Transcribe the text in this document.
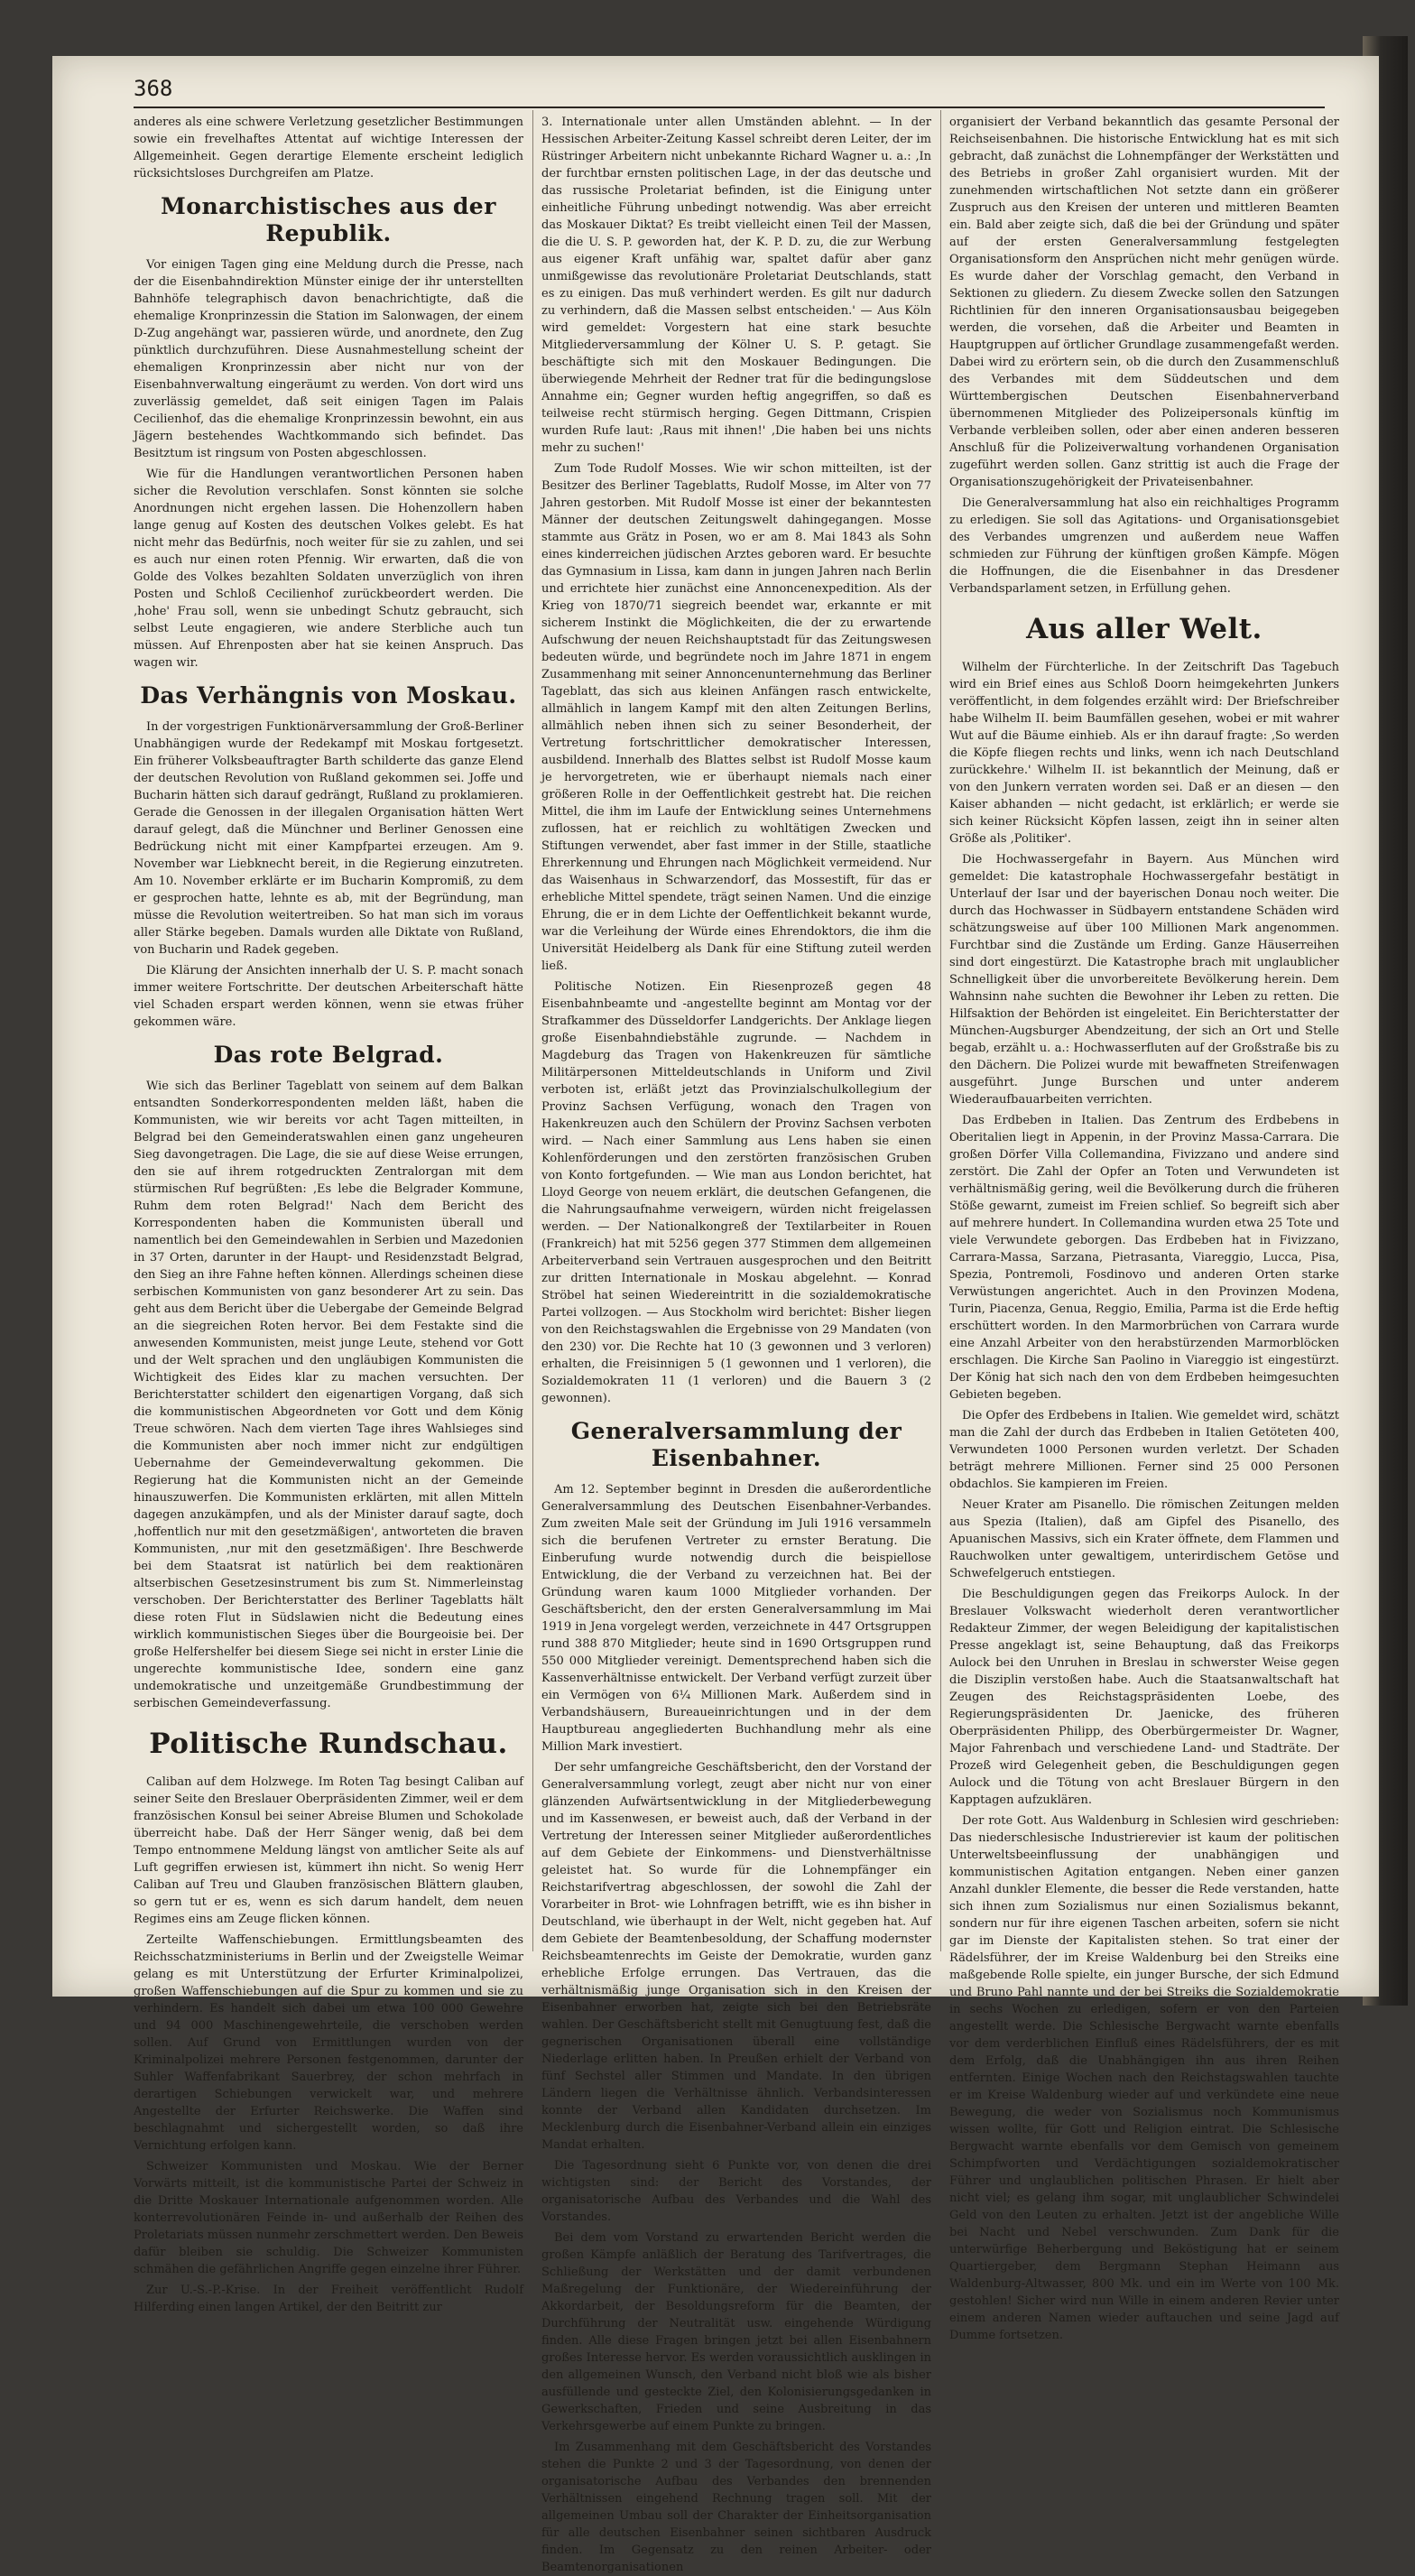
368

anderes als eine schwere Verletzung gesetzlicher Bestimmungen sowie ein frevelhaftes Attentat auf wichtige Interessen der Allgemeinheit. Gegen derartige Elemente erscheint lediglich rücksichtsloses Durchgreifen am Platze.

Monarchistisches aus der Republik.

Vor einigen Tagen ging eine Meldung durch die Presse, nach der die Eisenbahndirektion Münster einige der ihr unterstellten Bahnhöfe telegraphisch davon benachrichtigte, daß die ehemalige Kronprinzessin die Station im Salonwagen, der einem D-Zug angehängt war, passieren würde, und anordnete, den Zug pünktlich durchzuführen. Diese Ausnahmestellung scheint der ehemaligen Kronprinzessin aber nicht nur von der Eisenbahnverwaltung eingeräumt zu werden. Von dort wird uns zuverlässig gemeldet, daß seit einigen Tagen im Palais Cecilienhof, das die ehemalige Kronprinzessin bewohnt, ein aus Jägern bestehendes Wachtkommando sich befindet. Das Besitztum ist ringsum von Posten abgeschlossen.

Wie für die Handlungen verantwortlichen Personen haben sicher die Revolution verschlafen. Sonst könnten sie solche Anordnungen nicht ergehen lassen. Die Hohenzollern haben lange genug auf Kosten des deutschen Volkes gelebt. Es hat nicht mehr das Bedürfnis, noch weiter für sie zu zahlen, und sei es auch nur einen roten Pfennig. Wir erwarten, daß die von Golde des Volkes bezahlten Soldaten unverzüglich von ihren Posten und Schloß Cecilienhof zurückbeordert werden. Die ‚hohe' Frau soll, wenn sie unbedingt Schutz gebraucht, sich selbst Leute engagieren, wie andere Sterbliche auch tun müssen. Auf Ehrenposten aber hat sie keinen Anspruch. Das wagen wir.

Das Verhängnis von Moskau.

In der vorgestrigen Funktionärversammlung der Groß-Berliner Unabhängigen wurde der Redekampf mit Moskau fortgesetzt. Ein früherer Volksbeauftragter Barth schilderte das ganze Elend der deutschen Revolution von Rußland gekommen sei. Joffe und Bucharin hätten sich darauf gedrängt, Rußland zu proklamieren. Gerade die Genossen in der illegalen Organisation hätten Wert darauf gelegt, daß die Münchner und Berliner Genossen eine Bedrückung nicht mit einer Kampfpartei erzeugen. Am 9. November war Liebknecht bereit, in die Regierung einzutreten. Am 10. November erklärte er im Bucharin Kompromiß, zu dem er gesprochen hatte, lehnte es ab, mit der Begründung, man müsse die Revolution weitertreiben. So hat man sich im voraus aller Stärke begeben. Damals wurden alle Diktate von Rußland, von Bucharin und Radek gegeben.

Die Klärung der Ansichten innerhalb der U. S. P. macht sonach immer weitere Fortschritte. Der deutschen Arbeiterschaft hätte viel Schaden erspart werden können, wenn sie etwas früher gekommen wäre.

Das rote Belgrad.

Wie sich das Berliner Tageblatt von seinem auf dem Balkan entsandten Sonderkorrespondenten melden läßt, haben die Kommunisten, wie wir bereits vor acht Tagen mitteilten, in Belgrad bei den Gemeinderatswahlen einen ganz ungeheuren Sieg davongetragen. Die Lage, die sie auf diese Weise errungen, den sie auf ihrem rotgedruckten Zentralorgan mit dem stürmischen Ruf begrüßten: ‚Es lebe die Belgrader Kommune, Ruhm dem roten Belgrad!' Nach dem Bericht des Korrespondenten haben die Kommunisten überall und namentlich bei den Gemeindewahlen in Serbien und Mazedonien in 37 Orten, darunter in der Haupt- und Residenzstadt Belgrad, den Sieg an ihre Fahne heften können. Allerdings scheinen diese serbischen Kommunisten von ganz besonderer Art zu sein. Das geht aus dem Bericht über die Uebergabe der Gemeinde Belgrad an die siegreichen Roten hervor. Bei dem Festakte sind die anwesenden Kommunisten, meist junge Leute, stehend vor Gott und der Welt sprachen und den ungläubigen Kommunisten die Wichtigkeit des Eides klar zu machen versuchten. Der Berichterstatter schildert den eigenartigen Vorgang, daß sich die kommunistischen Abgeordneten vor Gott und dem König Treue schwören. Nach dem vierten Tage ihres Wahlsieges sind die Kommunisten aber noch immer nicht zur endgültigen Uebernahme der Gemeindeverwaltung gekommen. Die Regierung hat die Kommunisten nicht an der Gemeinde hinauszuwerfen. Die Kommunisten erklärten, mit allen Mitteln dagegen anzukämpfen, und als der Minister darauf sagte, doch ‚hoffentlich nur mit den gesetzmäßigen', antworteten die braven Kommunisten, ‚nur mit den gesetzmäßigen'. Ihre Beschwerde bei dem Staatsrat ist natürlich bei dem reaktionären altserbischen Gesetzesinstrument bis zum St. Nimmerleinstag verschoben. Der Berichterstatter des Berliner Tageblatts hält diese roten Flut in Südslawien nicht die Bedeutung eines wirklich kommunistischen Sieges über die Bourgeoisie bei. Der große Helfershelfer bei diesem Siege sei nicht in erster Linie die ungerechte kommunistische Idee, sondern eine ganz undemokratische und unzeitgemäße Grundbestimmung der serbischen Gemeindeverfassung.

Politische Rundschau.

Caliban auf dem Holzwege. Im Roten Tag besingt Caliban auf seiner Seite den Breslauer Oberpräsidenten Zimmer, weil er dem französischen Konsul bei seiner Abreise Blumen und Schokolade überreicht habe. Daß der Herr Sänger wenig, daß bei dem Tempo entnommene Meldung längst von amtlicher Seite als auf Luft gegriffen erwiesen ist, kümmert ihn nicht. So wenig Herr Caliban auf Treu und Glauben französischen Blättern glauben, so gern tut er es, wenn es sich darum handelt, dem neuen Regimes eins am Zeuge flicken können.

Zerteilte Waffenschiebungen. Ermittlungsbeamten des Reichsschatzministeriums in Berlin und der Zweigstelle Weimar gelang es mit Unterstützung der Erfurter Kriminalpolizei, großen Waffenschiebungen auf die Spur zu kommen und sie zu verhindern. Es handelt sich dabei um etwa 100 000 Gewehre und 94 000 Maschinengewehrteile, die verschoben werden sollen. Auf Grund von Ermittlungen wurden von der Kriminalpolizei mehrere Personen festgenommen, darunter der Suhler Waffenfabrikant Sauerbrey, der schon mehrfach in derartigen Schiebungen verwickelt war, und mehrere Angestellte der Erfurter Reichswerke. Die Waffen sind beschlagnahmt und sichergestellt worden, so daß ihre Vernichtung erfolgen kann.

Schweizer Kommunisten und Moskau. Wie der Berner Vorwärts mitteilt, ist die kommunistische Partei der Schweiz in die Dritte Moskauer Internationale aufgenommen worden. Alle konterrevolutionären Feinde in- und außerhalb der Reihen des Proletariats müssen nunmehr zerschmettert werden. Den Beweis dafür bleiben sie schuldig. Die Schweizer Kommunisten schmähen die gefährlichen Angriffe gegen einzelne ihrer Führer.

Zur U.-S.-P.-Krise. In der Freiheit veröffentlicht Rudolf Hilferding einen langen Artikel, der den Beitritt zur

3. Internationale unter allen Umständen ablehnt. — In der Hessischen Arbeiter-Zeitung Kassel schreibt deren Leiter, der im Rüstringer Arbeitern nicht unbekannte Richard Wagner u. a.: ‚In der furchtbar ernsten politischen Lage, in der das deutsche und das russische Proletariat befinden, ist die Einigung unter einheitliche Führung unbedingt notwendig. Was aber erreicht das Moskauer Diktat? Es treibt vielleicht einen Teil der Massen, die die U. S. P. geworden hat, der K. P. D. zu, die zur Werbung aus eigener Kraft unfähig war, spaltet dafür aber ganz unmißgewisse das revolutionäre Proletariat Deutschlands, statt es zu einigen. Das muß verhindert werden. Es gilt nur dadurch zu verhindern, daß die Massen selbst entscheiden.' — Aus Köln wird gemeldet: Vorgestern hat eine stark besuchte Mitgliederversammlung der Kölner U. S. P. getagt. Sie beschäftigte sich mit den Moskauer Bedingungen. Die überwiegende Mehrheit der Redner trat für die bedingungslose Annahme ein; Gegner wurden heftig angegriffen, so daß es teilweise recht stürmisch herging. Gegen Dittmann, Crispien wurden Rufe laut: ‚Raus mit ihnen!' ‚Die haben bei uns nichts mehr zu suchen!'

Zum Tode Rudolf Mosses. Wie wir schon mitteilten, ist der Besitzer des Berliner Tageblatts, Rudolf Mosse, im Alter von 77 Jahren gestorben. Mit Rudolf Mosse ist einer der bekanntesten Männer der deutschen Zeitungswelt dahingegangen. Mosse stammte aus Grätz in Posen, wo er am 8. Mai 1843 als Sohn eines kinderreichen jüdischen Arztes geboren ward. Er besuchte das Gymnasium in Lissa, kam dann in jungen Jahren nach Berlin und errichtete hier zunächst eine Annoncenexpedition. Als der Krieg von 1870/71 siegreich beendet war, erkannte er mit sicherem Instinkt die Möglichkeiten, die der zu erwartende Aufschwung der neuen Reichshauptstadt für das Zeitungswesen bedeuten würde, und begründete noch im Jahre 1871 in engem Zusammenhang mit seiner Annoncenunternehmung das Berliner Tageblatt, das sich aus kleinen Anfängen rasch entwickelte, allmählich in langem Kampf mit den alten Zeitungen Berlins, allmählich neben ihnen sich zu seiner Besonderheit, der Vertretung fortschrittlicher demokratischer Interessen, ausbildend. Innerhalb des Blattes selbst ist Rudolf Mosse kaum je hervorgetreten, wie er überhaupt niemals nach einer größeren Rolle in der Oeffentlichkeit gestrebt hat. Die reichen Mittel, die ihm im Laufe der Entwicklung seines Unternehmens zuflossen, hat er reichlich zu wohltätigen Zwecken und Stiftungen verwendet, aber fast immer in der Stille, staatliche Ehrerkennung und Ehrungen nach Möglichkeit vermeidend. Nur das Waisenhaus in Schwarzendorf, das Mossestift, für das er erhebliche Mittel spendete, trägt seinen Namen. Und die einzige Ehrung, die er in dem Lichte der Oeffentlichkeit bekannt wurde, war die Verleihung der Würde eines Ehrendoktors, die ihm die Universität Heidelberg als Dank für eine Stiftung zuteil werden ließ.

Politische Notizen. Ein Riesenprozeß gegen 48 Eisenbahnbeamte und -angestellte beginnt am Montag vor der Strafkammer des Düsseldorfer Landgerichts. Der Anklage liegen große Eisenbahndiebstähle zugrunde. — Nachdem in Magdeburg das Tragen von Hakenkreuzen für sämtliche Militärpersonen Mitteldeutschlands in Uniform und Zivil verboten ist, erläßt jetzt das Provinzialschulkollegium der Provinz Sachsen Verfügung, wonach den Tragen von Hakenkreuzen auch den Schülern der Provinz Sachsen verboten wird. — Nach einer Sammlung aus Lens haben sie einen Kohlenförderungen und den zerstörten französischen Gruben von Konto fortgefunden. — Wie man aus London berichtet, hat Lloyd George von neuem erklärt, die deutschen Gefangenen, die die Nahrungsaufnahme verweigern, würden nicht freigelassen werden. — Der Nationalkongreß der Textilarbeiter in Rouen (Frankreich) hat mit 5256 gegen 377 Stimmen dem allgemeinen Arbeiterverband sein Vertrauen ausgesprochen und den Beitritt zur dritten Internationale in Moskau abgelehnt. — Konrad Ströbel hat seinen Wiedereintritt in die sozialdemokratische Partei vollzogen. — Aus Stockholm wird berichtet: Bisher liegen von den Reichstagswahlen die Ergebnisse von 29 Mandaten (von den 230) vor. Die Rechte hat 10 (3 gewonnen und 3 verloren) erhalten, die Freisinnigen 5 (1 gewonnen und 1 verloren), die Sozialdemokraten 11 (1 verloren) und die Bauern 3 (2 gewonnen).

Generalversammlung der Eisenbahner.

Am 12. September beginnt in Dresden die außerordentliche Generalversammlung des Deutschen Eisenbahner-Verbandes. Zum zweiten Male seit der Gründung im Juli 1916 versammeln sich die berufenen Vertreter zu ernster Beratung. Die Einberufung wurde notwendig durch die beispiellose Entwicklung, die der Verband zu verzeichnen hat. Bei der Gründung waren kaum 1000 Mitglieder vorhanden. Der Geschäftsbericht, den der ersten Generalversammlung im Mai 1919 in Jena vorgelegt werden, verzeichnete in 447 Ortsgruppen rund 388 870 Mitglieder; heute sind in 1690 Ortsgruppen rund 550 000 Mitglieder vereinigt. Dementsprechend haben sich die Kassenverhältnisse entwickelt. Der Verband verfügt zurzeit über ein Vermögen von 6¼ Millionen Mark. Außerdem sind in Verbandshäusern, Bureaueinrichtungen und in der dem Hauptbureau angegliederten Buchhandlung mehr als eine Million Mark investiert.

Der sehr umfangreiche Geschäftsbericht, den der Vorstand der Generalversammlung vorlegt, zeugt aber nicht nur von einer glänzenden Aufwärtsentwicklung in der Mitgliederbewegung und im Kassenwesen, er beweist auch, daß der Verband in der Vertretung der Interessen seiner Mitglieder außerordentliches auf dem Gebiete der Einkommens- und Dienstverhältnisse geleistet hat. So wurde für die Lohnempfänger ein Reichstarifvertrag abgeschlossen, der sowohl die Zahl der Vorarbeiter in Brot- wie Lohnfragen betrifft, wie es ihn bisher in Deutschland, wie überhaupt in der Welt, nicht gegeben hat. Auf dem Gebiete der Beamtenbesoldung, der Schaffung modernster Reichsbeamtenrechts im Geiste der Demokratie, wurden ganz erhebliche Erfolge errungen. Das Vertrauen, das die verhältnismäßig junge Organisation sich in den Kreisen der Eisenbahner erworben hat, zeigte sich bei den Betriebsräte wahlen. Der Geschäftsbericht stellt mit Genugtuung fest, daß die gegnerischen Organisationen überall eine vollständige Niederlage erlitten haben. In Preußen erhielt der Verband von fünf Sechstel aller Stimmen und Mandate. In den übrigen Ländern liegen die Verhältnisse ähnlich. Verbandsinteressen konnte der Verband allen Kandidaten durchsetzen. Im Mecklenburg durch die Eisenbahner-Verband allein ein einziges Mandat erhalten.

Die Tagesordnung sieht 6 Punkte vor, von denen die drei wichtigsten sind: der Bericht des Vorstandes, der organisatorische Aufbau des Verbandes und die Wahl des Vorstandes.

Bei dem vom Vorstand zu erwartenden Bericht werden die großen Kämpfe anläßlich der Beratung des Tarifvertrages, die Schließung der Werkstätten und der damit verbundenen Maßregelung der Funktionäre, der Wiedereinführung der Akkordarbeit, der Besoldungsreform für die Beamten, der Durchführung der Neutralität usw. eingehende Würdigung finden. Alle diese Fragen bringen jetzt bei allen Eisenbahnern großes Interesse hervor. Es werden voraussichtlich ausklingen in den allgemeinen Wunsch, den Verband nicht bloß wie als bisher ausfüllende und gesteckte Ziel, den Kolonisierungsgedanken in Gewerkschaften, Frieden und seine Ausbreitung in das Verkehrsgewerbe auf einem Punkte zu bringen.

Im Zusammenhang mit dem Geschäftsbericht des Vorstandes stehen die Punkte 2 und 3 der Tagesordnung, von denen der organisatorische Aufbau des Verbandes den brennenden Verhältnissen eingehend Rechnung tragen soll. Mit der allgemeinen Umbau soll der Charakter der Einheitsorganisation für alle deutschen Eisenbahner seinen sichtbaren Ausdruck finden. Im Gegensatz zu den reinen Arbeiter- oder Beamtenorganisationen

organisiert der Verband bekanntlich das gesamte Personal der Reichseisenbahnen. Die historische Entwicklung hat es mit sich gebracht, daß zunächst die Lohnempfänger der Werkstätten und des Betriebs in großer Zahl organisiert wurden. Mit der zunehmenden wirtschaftlichen Not setzte dann ein größerer Zuspruch aus den Kreisen der unteren und mittleren Beamten ein. Bald aber zeigte sich, daß die bei der Gründung und später auf der ersten Generalversammlung festgelegten Organisationsform den Ansprüchen nicht mehr genügen würde. Es wurde daher der Vorschlag gemacht, den Verband in Sektionen zu gliedern. Zu diesem Zwecke sollen den Satzungen Richtlinien für den inneren Organisationsausbau beigegeben werden, die vorsehen, daß die Arbeiter und Beamten in Hauptgruppen auf örtlicher Grundlage zusammengefaßt werden. Dabei wird zu erörtern sein, ob die durch den Zusammenschluß des Verbandes mit dem Süddeutschen und dem Württembergischen Deutschen Eisenbahnerverband übernommenen Mitglieder des Polizeipersonals künftig im Verbande verbleiben sollen, oder aber einen anderen besseren Anschluß für die Polizeiverwaltung vorhandenen Organisation zugeführt werden sollen. Ganz strittig ist auch die Frage der Organisationszugehörigkeit der Privateisenbahner.

Die Generalversammlung hat also ein reichhaltiges Programm zu erledigen. Sie soll das Agitations- und Organisationsgebiet des Verbandes umgrenzen und außerdem neue Waffen schmieden zur Führung der künftigen großen Kämpfe. Mögen die Hoffnungen, die die Eisenbahner in das Dresdener Verbandsparlament setzen, in Erfüllung gehen.

Aus aller Welt.

Wilhelm der Fürchterliche. In der Zeitschrift Das Tagebuch wird ein Brief eines aus Schloß Doorn heimgekehrten Junkers veröffentlicht, in dem folgendes erzählt wird: Der Briefschreiber habe Wilhelm II. beim Baumfällen gesehen, wobei er mit wahrer Wut auf die Bäume einhieb. Als er ihn darauf fragte: ‚So werden die Köpfe fliegen rechts und links, wenn ich nach Deutschland zurückkehre.' Wilhelm II. ist bekanntlich der Meinung, daß er von den Junkern verraten worden sei. Daß er an diesen — den Kaiser abhanden — nicht gedacht, ist erklärlich; er werde sie sich keiner Rücksicht Köpfen lassen, zeigt ihn in seiner alten Größe als ‚Politiker'.

Die Hochwassergefahr in Bayern. Aus München wird gemeldet: Die katastrophale Hochwassergefahr bestätigt in Unterlauf der Isar und der bayerischen Donau noch weiter. Die durch das Hochwasser in Südbayern entstandene Schäden wird schätzungsweise auf über 100 Millionen Mark angenommen. Furchtbar sind die Zustände um Erding. Ganze Häuserreihen sind dort eingestürzt. Die Katastrophe brach mit unglaublicher Schnelligkeit über die unvorbereitete Bevölkerung herein. Dem Wahnsinn nahe suchten die Bewohner ihr Leben zu retten. Die Hilfsaktion der Behörden ist eingeleitet. Ein Berichterstatter der München-Augsburger Abendzeitung, der sich an Ort und Stelle begab, erzählt u. a.: Hochwasserfluten auf der Großstraße bis zu den Dächern. Die Polizei wurde mit bewaffneten Streifenwagen ausgeführt. Junge Burschen und unter anderem Wiederaufbauarbeiten verrichten.

Das Erdbeben in Italien. Das Zentrum des Erdbebens in Oberitalien liegt in Appenin, in der Provinz Massa-Carrara. Die großen Dörfer Villa Collemandina, Fivizzano und andere sind zerstört. Die Zahl der Opfer an Toten und Verwundeten ist verhältnismäßig gering, weil die Bevölkerung durch die früheren Stöße gewarnt, zumeist im Freien schlief. So begreift sich aber auf mehrere hundert. In Collemandina wurden etwa 25 Tote und viele Verwundete geborgen. Das Erdbeben hat in Fivizzano, Carrara-Massa, Sarzana, Pietrasanta, Viareggio, Lucca, Pisa, Spezia, Pontremoli, Fosdinovo und anderen Orten starke Verwüstungen angerichtet. Auch in den Provinzen Modena, Turin, Piacenza, Genua, Reggio, Emilia, Parma ist die Erde heftig erschüttert worden. In den Marmorbrüchen von Carrara wurde eine Anzahl Arbeiter von den herabstürzenden Marmorblöcken erschlagen. Die Kirche San Paolino in Viareggio ist eingestürzt. Der König hat sich nach den von dem Erdbeben heimgesuchten Gebieten begeben.

Die Opfer des Erdbebens in Italien. Wie gemeldet wird, schätzt man die Zahl der durch das Erdbeben in Italien Getöteten 400, Verwundeten 1000 Personen wurden verletzt. Der Schaden beträgt mehrere Millionen. Ferner sind 25 000 Personen obdachlos. Sie kampieren im Freien.

Neuer Krater am Pisanello. Die römischen Zeitungen melden aus Spezia (Italien), daß am Gipfel des Pisanello, des Apuanischen Massivs, sich ein Krater öffnete, dem Flammen und Rauchwolken unter gewaltigem, unterirdischem Getöse und Schwefelgeruch entstiegen.

Die Beschuldigungen gegen das Freikorps Aulock. In der Breslauer Volkswacht wiederholt deren verantwortlicher Redakteur Zimmer, der wegen Beleidigung der kapitalistischen Presse angeklagt ist, seine Behauptung, daß das Freikorps Aulock bei den Unruhen in Breslau in schwerster Weise gegen die Disziplin verstoßen habe. Auch die Staatsanwaltschaft hat Zeugen des Reichstagspräsidenten Loebe, des Regierungspräsidenten Dr. Jaenicke, des früheren Oberpräsidenten Philipp, des Oberbürgermeister Dr. Wagner, Major Fahrenbach und verschiedene Land- und Stadträte. Der Prozeß wird Gelegenheit geben, die Beschuldigungen gegen Aulock und die Tötung von acht Breslauer Bürgern in den Kapptagen aufzuklären.

Der rote Gott. Aus Waldenburg in Schlesien wird geschrieben: Das niederschlesische Industrierevier ist kaum der politischen Unterweltsbeeinflussung der unabhängigen und kommunistischen Agitation entgangen. Neben einer ganzen Anzahl dunkler Elemente, die besser die Rede verstanden, hatte sich ihnen zum Sozialismus nur einen Sozialismus bekannt, sondern nur für ihre eigenen Taschen arbeiten, sofern sie nicht gar im Dienste der Kapitalisten stehen. So trat einer der Rädelsführer, der im Kreise Waldenburg bei den Streiks eine maßgebende Rolle spielte, ein junger Bursche, der sich Edmund und Bruno Pahl nannte und der bei Streiks die Sozialdemokratie in sechs Wochen zu erledigen, sofern er von den Parteien angestellt werde. Die Schlesische Bergwacht warnte ebenfalls vor dem verderblichen Einfluß eines Rädelsführers, der es mit dem Erfolg, daß die Unabhängigen ihn aus ihren Reihen entfernten. Einige Wochen nach den Reichstagswahlen tauchte er im Kreise Waldenburg wieder auf und verkündete eine neue Bewegung, die weder von Sozialismus noch Kommunismus wissen wollte, für Gott und Religion eintrat. Die Schlesische Bergwacht warnte ebenfalls vor dem Gemisch von gemeinem Schimpfworten und Verdächtigungen sozialdemokratischer Führer und unglaublichen politischen Phrasen. Er hielt aber nicht viel; es gelang ihm sogar, mit unglaublicher Schwindelei Geld von den Leuten zu erhalten. Jetzt ist der angebliche Wille bei Nacht und Nebel verschwunden. Zum Dank für die unterwürfige Beherbergung und Beköstigung hat er seinem Quartiergeber, dem Bergmann Stephan Heimann aus Waldenburg-Altwasser, 800 Mk. und ein im Werte von 100 Mk. gestohlen! Sicher wird nun Wille in einem anderen Revier unter einem anderen Namen wieder auftauchen und seine Jagd auf Dumme fortsetzen.
